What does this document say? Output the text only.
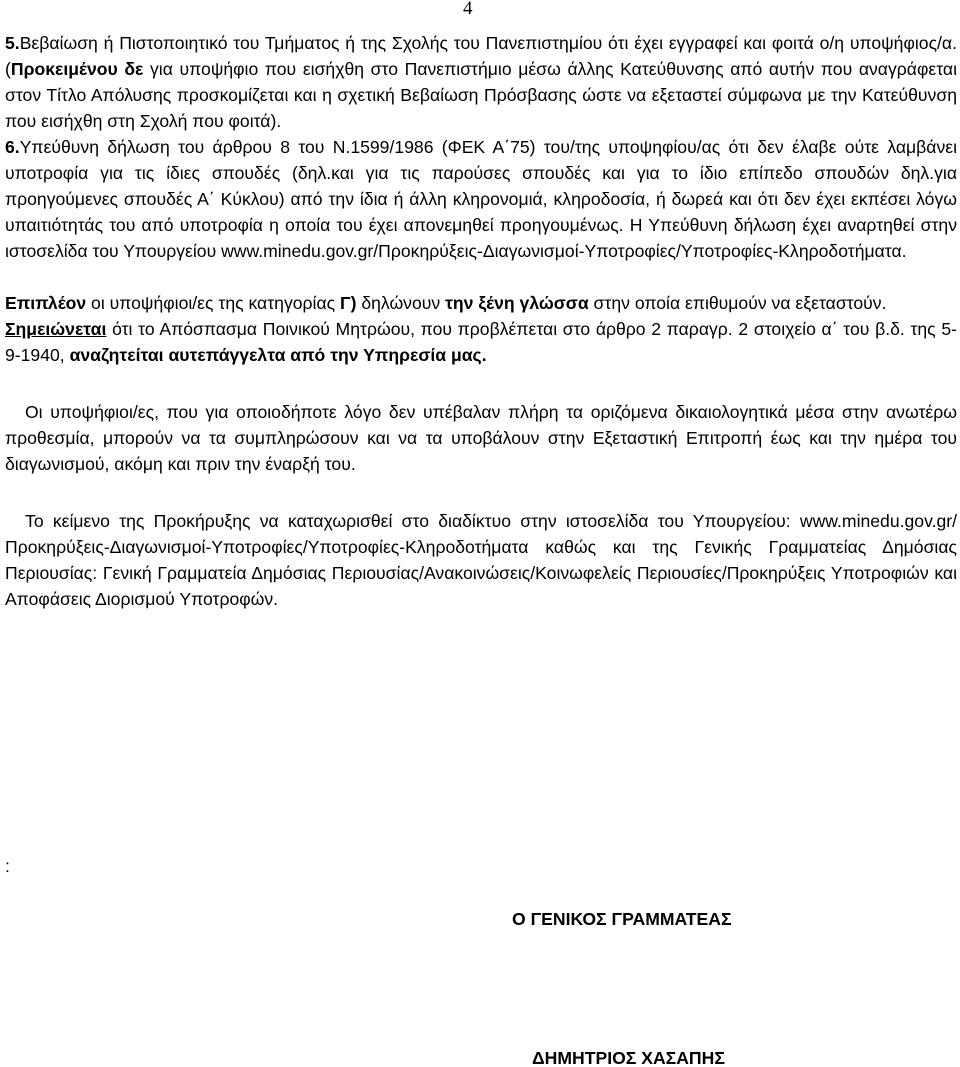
4

5.Βεβαίωση ή Πιστοποιητικό του Τμήματος ή της Σχολής του Πανεπιστημίου ότι έχει εγγραφεί και φοιτά ο/η υποψήφιος/α. (Προκειμένου δε για υποψήφιο που εισήχθη στο Πανεπιστήμιο μέσω άλλης Κατεύθυνσης από αυτήν που αναγράφεται στον Τίτλο Απόλυσης προσκομίζεται και η σχετική Βεβαίωση Πρόσβασης ώστε να εξεταστεί σύμφωνα με την Κατεύθυνση που εισήχθη στη Σχολή που φοιτά).

6.Υπεύθυνη δήλωση του άρθρου 8 του Ν.1599/1986 (ΦΕΚ Α΄75) του/της υποψηφίου/ας ότι δεν έλαβε ούτε λαμβάνει υποτροφία για τις ίδιες σπουδές (δηλ.και για τις παρούσες σπουδές και για το ίδιο επίπεδο σπουδών δηλ.για προηγούμενες σπουδές Α΄ Κύκλου) από την ίδια ή άλλη κληρονομιά, κληροδοσία, ή δωρεά και ότι δεν έχει εκπέσει λόγω υπαιτιότητάς του από υποτροφία η οποία του έχει απονεμηθεί προηγουμένως. Η Υπεύθυνη δήλωση έχει αναρτηθεί στην ιστοσελίδα του Υπουργείου www.minedu.gov.gr/Προκηρύξεις-Διαγωνισμοί-Υποτροφίες/Υποτροφίες-Κληροδοτήματα.

Επιπλέον οι υποψήφιοι/ες της κατηγορίας Γ) δηλώνουν την ξένη γλώσσα στην οποία επιθυμούν να εξεταστούν.

Σημειώνεται ότι το Απόσπασμα Ποινικού Μητρώου, που προβλέπεται στο άρθρο 2 παραγρ. 2 στοιχείο α΄ του β.δ. της 5-9-1940, αναζητείται αυτεπάγγελτα από την Υπηρεσία μας.

Οι υποψήφιοι/ες, που για οποιοδήποτε λόγο δεν υπέβαλαν πλήρη τα οριζόμενα δικαιολογητικά μέσα στην ανωτέρω προθεσμία, μπορούν να τα συμπληρώσουν και να τα υποβάλουν στην Εξεταστική Επιτροπή έως και την ημέρα του διαγωνισμού, ακόμη και πριν την έναρξή του.

Το κείμενο της Προκήρυξης να καταχωρισθεί στο διαδίκτυο στην ιστοσελίδα του Υπουργείου: www.minedu.gov.gr/Προκηρύξεις-Διαγωνισμοί-Υποτροφίες/Υποτροφίες-Κληροδοτήματα καθώς και της Γενικής Γραμματείας Δημόσιας Περιουσίας: Γενική Γραμματεία Δημόσιας Περιουσίας/Ανακοινώσεις/Κοινωφελείς Περιουσίες/Προκηρύξεις Υποτροφιών και Αποφάσεις Διορισμού Υποτροφών.

:
Ο ΓΕΝΙΚΟΣ ΓΡΑΜΜΑΤΕΑΣ
ΔΗΜΗΤΡΙΟΣ ΧΑΣΑΠΗΣ
